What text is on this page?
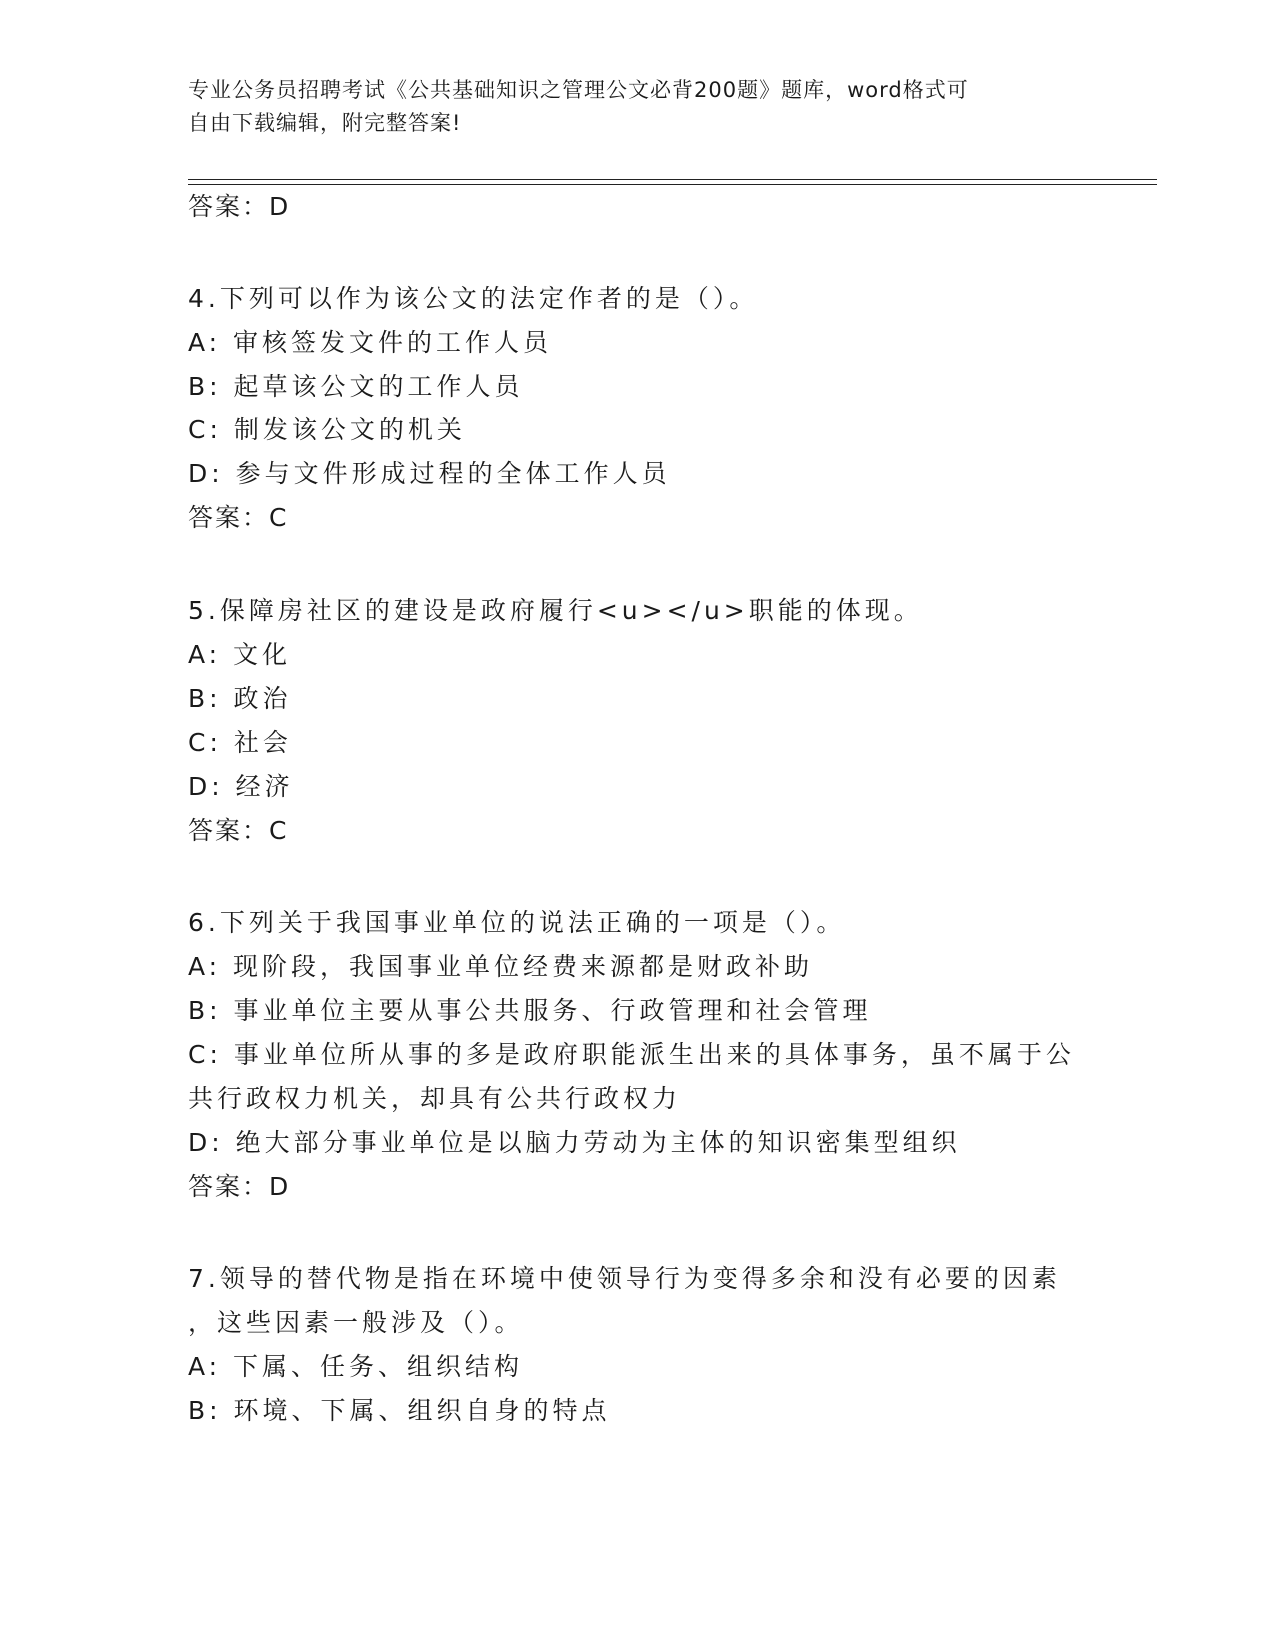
专业公务员招聘考试《公共基础知识之管理公文必背200题》题库，word格式可
自由下载编辑，附完整答案!
答案：D
4.下列可以作为该公文的法定作者的是（）。
A: 审核签发文件的工作人员
B: 起草该公文的工作人员
C: 制发该公文的机关
D: 参与文件形成过程的全体工作人员
答案：C
5.保障房社区的建设是政府履行<u></u>职能的体现。
A: 文化
B: 政治
C: 社会
D: 经济
答案：C
6.下列关于我国事业单位的说法正确的一项是（）。
A: 现阶段，我国事业单位经费来源都是财政补助
B: 事业单位主要从事公共服务、行政管理和社会管理
C: 事业单位所从事的多是政府职能派生出来的具体事务，虽不属于公
共行政权力机关，却具有公共行政权力
D: 绝大部分事业单位是以脑力劳动为主体的知识密集型组织
答案：D
7.领导的替代物是指在环境中使领导行为变得多余和没有必要的因素
，这些因素一般涉及（）。
A: 下属、任务、组织结构
B: 环境、下属、组织自身的特点
